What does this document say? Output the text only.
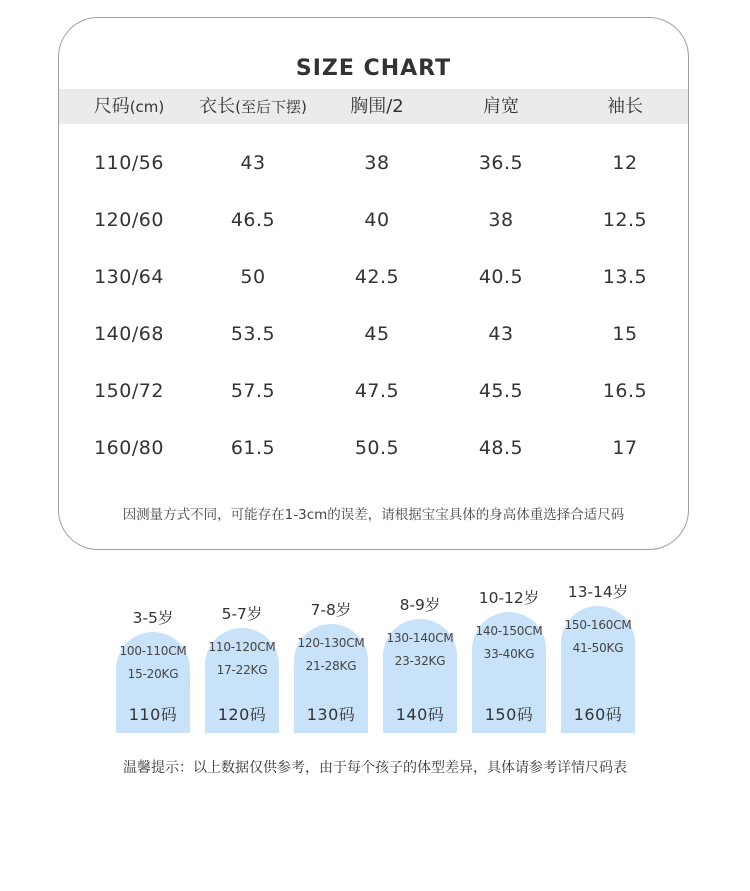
SIZE CHART
尺码(cm)	衣长(至后下摆)	胸围/2	肩宽	袖长
110/56	43	38	36.5	12
120/60	46.5	40	38	12.5
130/64	50	42.5	40.5	13.5
140/68	53.5	45	43	15
150/72	57.5	47.5	45.5	16.5
160/80	61.5	50.5	48.5	17
因测量方式不同，可能存在1-3cm的误差，请根据宝宝具体的身高体重选择合适尺码
3-5岁
100-110CM
15-20KG
110码
5-7岁
110-120CM
17-22KG
120码
7-8岁
120-130CM
21-28KG
130码
8-9岁
130-140CM
23-32KG
140码
10-12岁
140-150CM
33-40KG
150码
13-14岁
150-160CM
41-50KG
160码
温馨提示：以上数据仅供参考，由于每个孩子的体型差异，具体请参考详情尺码表
